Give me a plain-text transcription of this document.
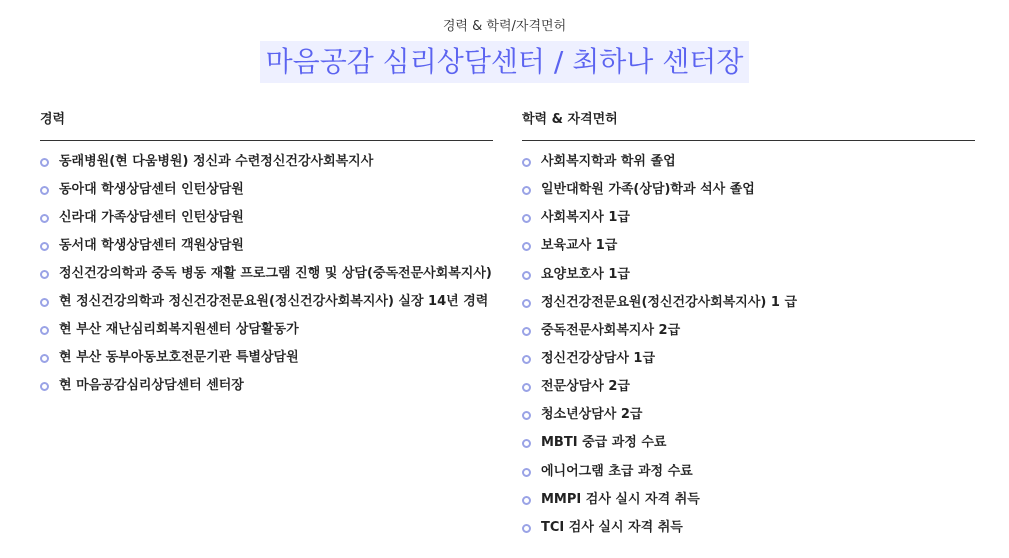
경력 & 학력/자격면허
마음공감 심리상담센터 / 최하나 센터장
경력
동래병원(현 다움병원) 정신과 수련정신건강사회복지사
동아대 학생상담센터 인턴상담원
신라대 가족상담센터 인턴상담원
동서대 학생상담센터 객원상담원
정신건강의학과 중독 병동 재활 프로그램 진행 및 상담(중독전문사회복지사)
현 정신건강의학과 정신건강전문요원(정신건강사회복지사) 실장 14년 경력
현 부산 재난심리회복지원센터 상담활동가
현 부산 동부아동보호전문기관 특별상담원
현 마음공감심리상담센터 센터장
학력 & 자격면허
사회복지학과 학위 졸업
일반대학원 가족(상담)학과 석사 졸업
사회복지사 1급
보육교사 1급
요양보호사 1급
정신건강전문요원(정신건강사회복지사) 1 급
중독전문사회복지사 2급
정신건강상담사 1급
전문상담사 2급
청소년상담사 2급
MBTI 중급 과정 수료
에니어그램 초급 과정 수료
MMPI 검사 실시 자격 취득
TCI 검사 실시 자격 취득
